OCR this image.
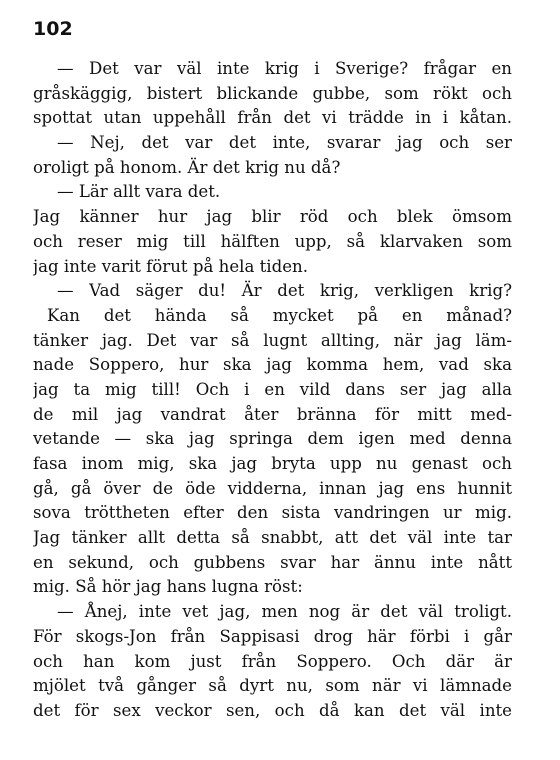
102
— Det var väl inte krig i Sverige? frågar en
gråskäggig, bistert blickande gubbe, som rökt och
spottat utan uppehåll från det vi trädde in i kåtan.
— Nej, det var det inte, svarar jag och ser
oroligt på honom. Är det krig nu då?
— Lär allt vara det.
Jag känner hur jag blir röd och blek ömsom
och reser mig till hälften upp, så klarvaken som
jag inte varit förut på hela tiden.
— Vad säger du! Är det krig, verkligen krig?
Kan det hända så mycket på en månad?
tänker jag. Det var så lugnt allting, när jag läm-
nade Soppero, hur ska jag komma hem, vad ska
jag ta mig till! Och i en vild dans ser jag alla
de mil jag vandrat åter bränna för mitt med-
vetande — ska jag springa dem igen med denna
fasa inom mig, ska jag bryta upp nu genast och
gå, gå över de öde vidderna, innan jag ens hunnit
sova tröttheten efter den sista vandringen ur mig.
Jag tänker allt detta så snabbt, att det väl inte tar
en sekund, och gubbens svar har ännu inte nått
mig. Så hör jag hans lugna röst:
— Ånej, inte vet jag, men nog är det väl troligt.
För skogs-Jon från Sappisasi drog här förbi i går
och han kom just från Soppero. Och där är
mjölet två gånger så dyrt nu, som när vi lämnade
det för sex veckor sen, och då kan det väl inte
